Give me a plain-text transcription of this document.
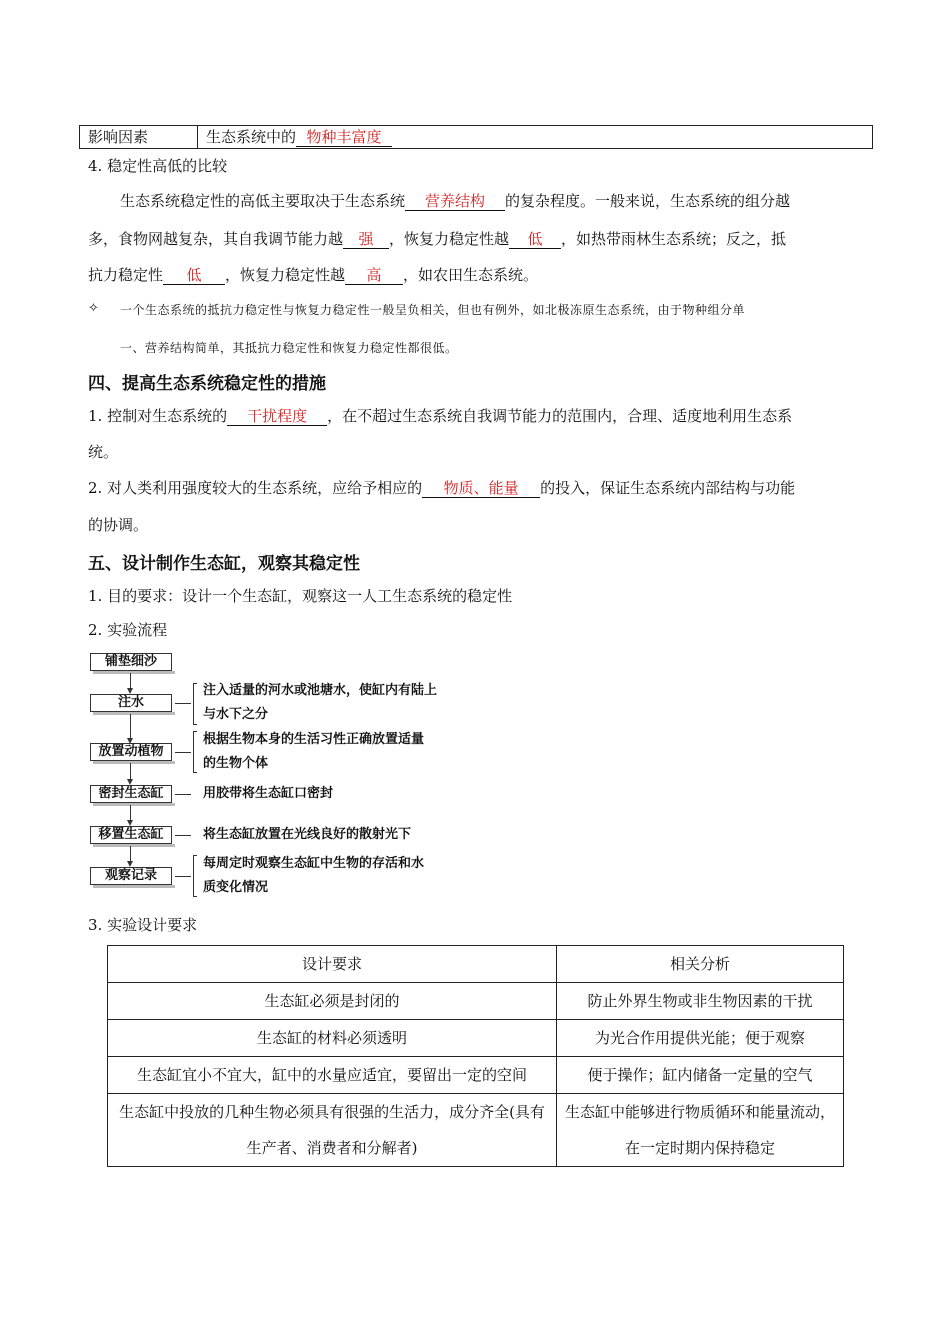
影响因素	生态系统中的 物种丰富度
4. 稳定性高低的比较
生态系统稳定性的高低主要取决于生态系统 营养结构 的复杂程度。一般来说，生态系统的组分越
多，食物网越复杂，其自我调节能力越 强 ，恢复力稳定性越 低 ，如热带雨林生态系统；反之，抵
抗力稳定性 低 ，恢复力稳定性越 高 ，如农田生态系统。
✧ 一个生态系统的抵抗力稳定性与恢复力稳定性一般呈负相关，但也有例外，如北极冻原生态系统，由于物种组分单
一、营养结构简单，其抵抗力稳定性和恢复力稳定性都很低。
四、提高生态系统稳定性的措施
1. 控制对生态系统的 干扰程度 ，在不超过生态系统自我调节能力的范围内，合理、适度地利用生态系
统。
2. 对人类利用强度较大的生态系统，应给予相应的 物质、能量 的投入，保证生态系统内部结构与功能
的协调。
五、设计制作生态缸，观察其稳定性
1. 目的要求：设计一个生态缸，观察这一人工生态系统的稳定性
2. 实验流程
铺垫细沙
注水
注入适量的河水或池塘水，使缸内有陆上
与水下之分
放置动植物
根据生物本身的生活习性正确放置适量
的生物个体
密封生态缸	用胶带将生态缸口密封
移置生态缸	将生态缸放置在光线良好的散射光下
观察记录
每周定时观察生态缸中生物的存活和水
质变化情况
3. 实验设计要求
设计要求	相关分析
生态缸必须是封闭的	防止外界生物或非生物因素的干扰
生态缸的材料必须透明	为光合作用提供光能；便于观察
生态缸宜小不宜大，缸中的水量应适宜，要留出一定的空间	便于操作；缸内储备一定量的空气
生态缸中投放的几种生物必须具有很强的生活力，成分齐全(具有生产者、消费者和分解者)	生态缸中能够进行物质循环和能量流动，在一定时期内保持稳定
